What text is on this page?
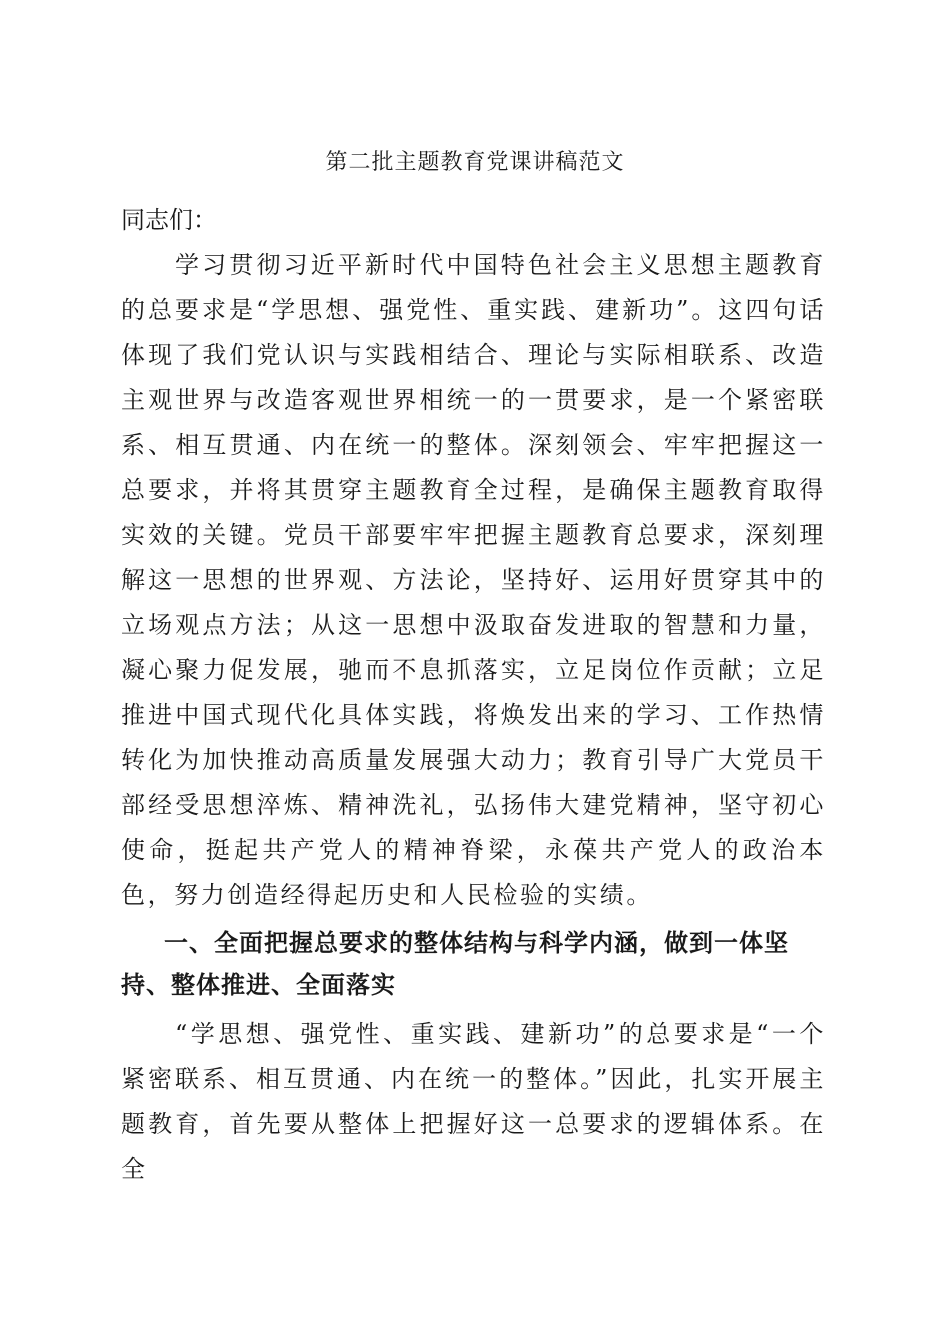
第二批主题教育党课讲稿范文

同志们：

学习贯彻习近平新时代中国特色社会主义思想主题教育的总要求是“学思想、强党性、重实践、建新功”。这四句话体现了我们党认识与实践相结合、理论与实际相联系、改造主观世界与改造客观世界相统一的一贯要求，是一个紧密联系、相互贯通、内在统一的整体。深刻领会、牢牢把握这一总要求，并将其贯穿主题教育全过程，是确保主题教育取得实效的关键。党员干部要牢牢把握主题教育总要求，深刻理解这一思想的世界观、方法论，坚持好、运用好贯穿其中的立场观点方法；从这一思想中汲取奋发进取的智慧和力量，凝心聚力促发展，驰而不息抓落实，立足岗位作贡献；立足推进中国式现代化具体实践，将焕发出来的学习、工作热情转化为加快推动高质量发展强大动力；教育引导广大党员干部经受思想淬炼、精神洗礼，弘扬伟大建党精神，坚守初心使命，挺起共产党人的精神脊梁，永葆共产党人的政治本色，努力创造经得起历史和人民检验的实绩。

一、全面把握总要求的整体结构与科学内涵，做到一体坚持、整体推进、全面落实

“学思想、强党性、重实践、建新功”的总要求是“一个紧密联系、相互贯通、内在统一的整体。”因此，扎实开展主题教育，首先要从整体上把握好这一总要求的逻辑体系。在全
